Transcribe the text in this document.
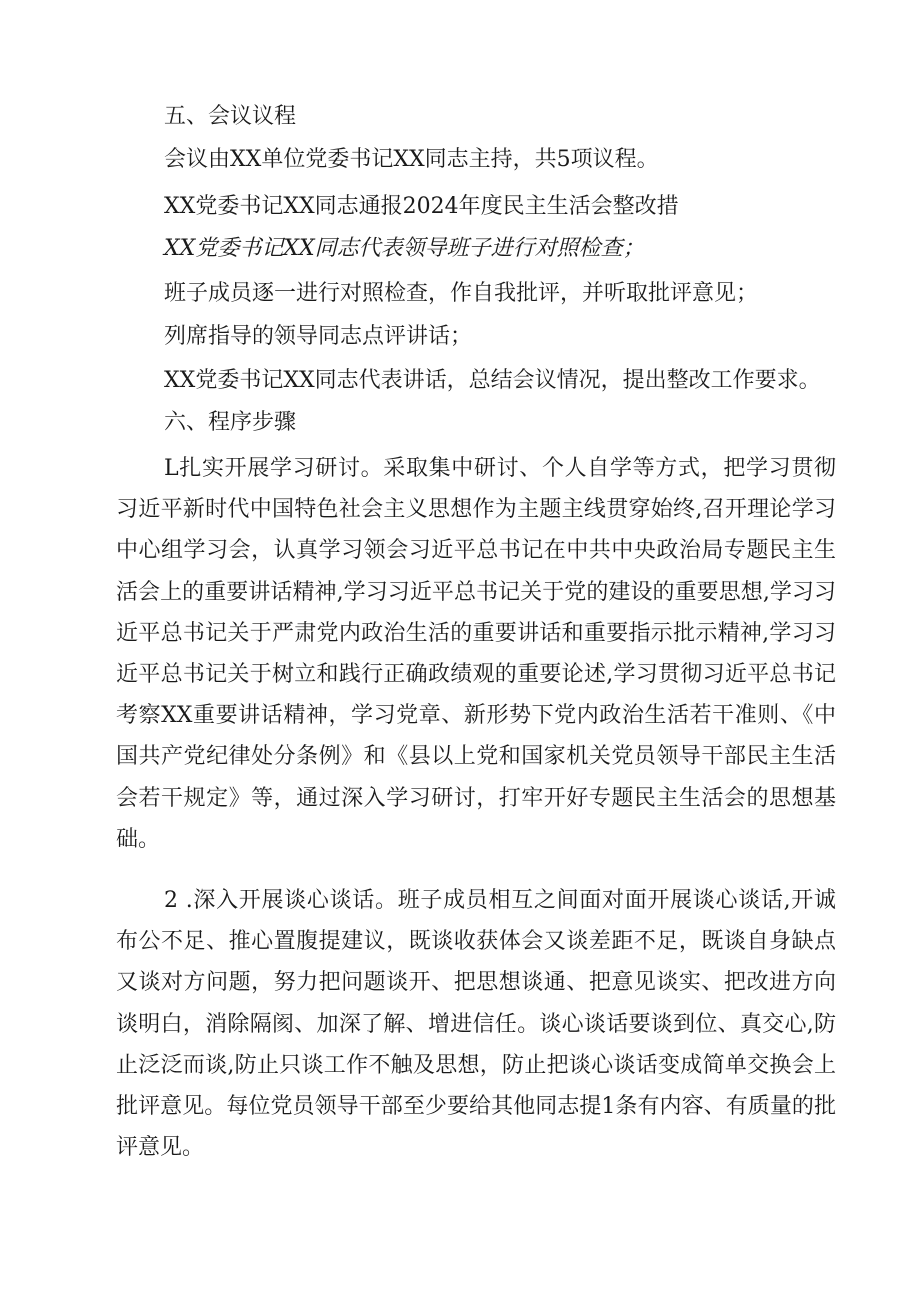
五、会议议程
会议由XX单位党委书记XX同志主持，共5项议程。
XX党委书记XX同志通报2024年度民主生活会整改措
XX党委书记XX同志代表领导班子进行对照检查；
班子成员逐一进行对照检查，作自我批评，并听取批评意见；
列席指导的领导同志点评讲话；
XX党委书记XX同志代表讲话，总结会议情况，提出整改工作要求。
六、程序步骤

L扎实开展学习研讨。采取集中研讨、个人自学等方式，把学习贯彻习近平新时代中国特色社会主义思想作为主题主线贯穿始终,召开理论学习中心组学习会，认真学习领会习近平总书记在中共中央政治局专题民主生活会上的重要讲话精神,学习习近平总书记关于党的建设的重要思想,学习习近平总书记关于严肃党内政治生活的重要讲话和重要指示批示精神,学习习近平总书记关于树立和践行正确政绩观的重要论述,学习贯彻习近平总书记考察XX重要讲话精神，学习党章、新形势下党内政治生活若干准则、《中国共产党纪律处分条例》和《县以上党和国家机关党员领导干部民主生活会若干规定》等，通过深入学习研讨，打牢开好专题民主生活会的思想基础。

2 .深入开展谈心谈话。班子成员相互之间面对面开展谈心谈话,开诚布公不足、推心置腹提建议，既谈收获体会又谈差距不足，既谈自身缺点又谈对方问题，努力把问题谈开、把思想谈通、把意见谈实、把改进方向谈明白，消除隔阂、加深了解、增进信任。谈心谈话要谈到位、真交心,防止泛泛而谈,防止只谈工作不触及思想，防止把谈心谈话变成简单交换会上批评意见。每位党员领导干部至少要给其他同志提1条有内容、有质量的批评意见。
